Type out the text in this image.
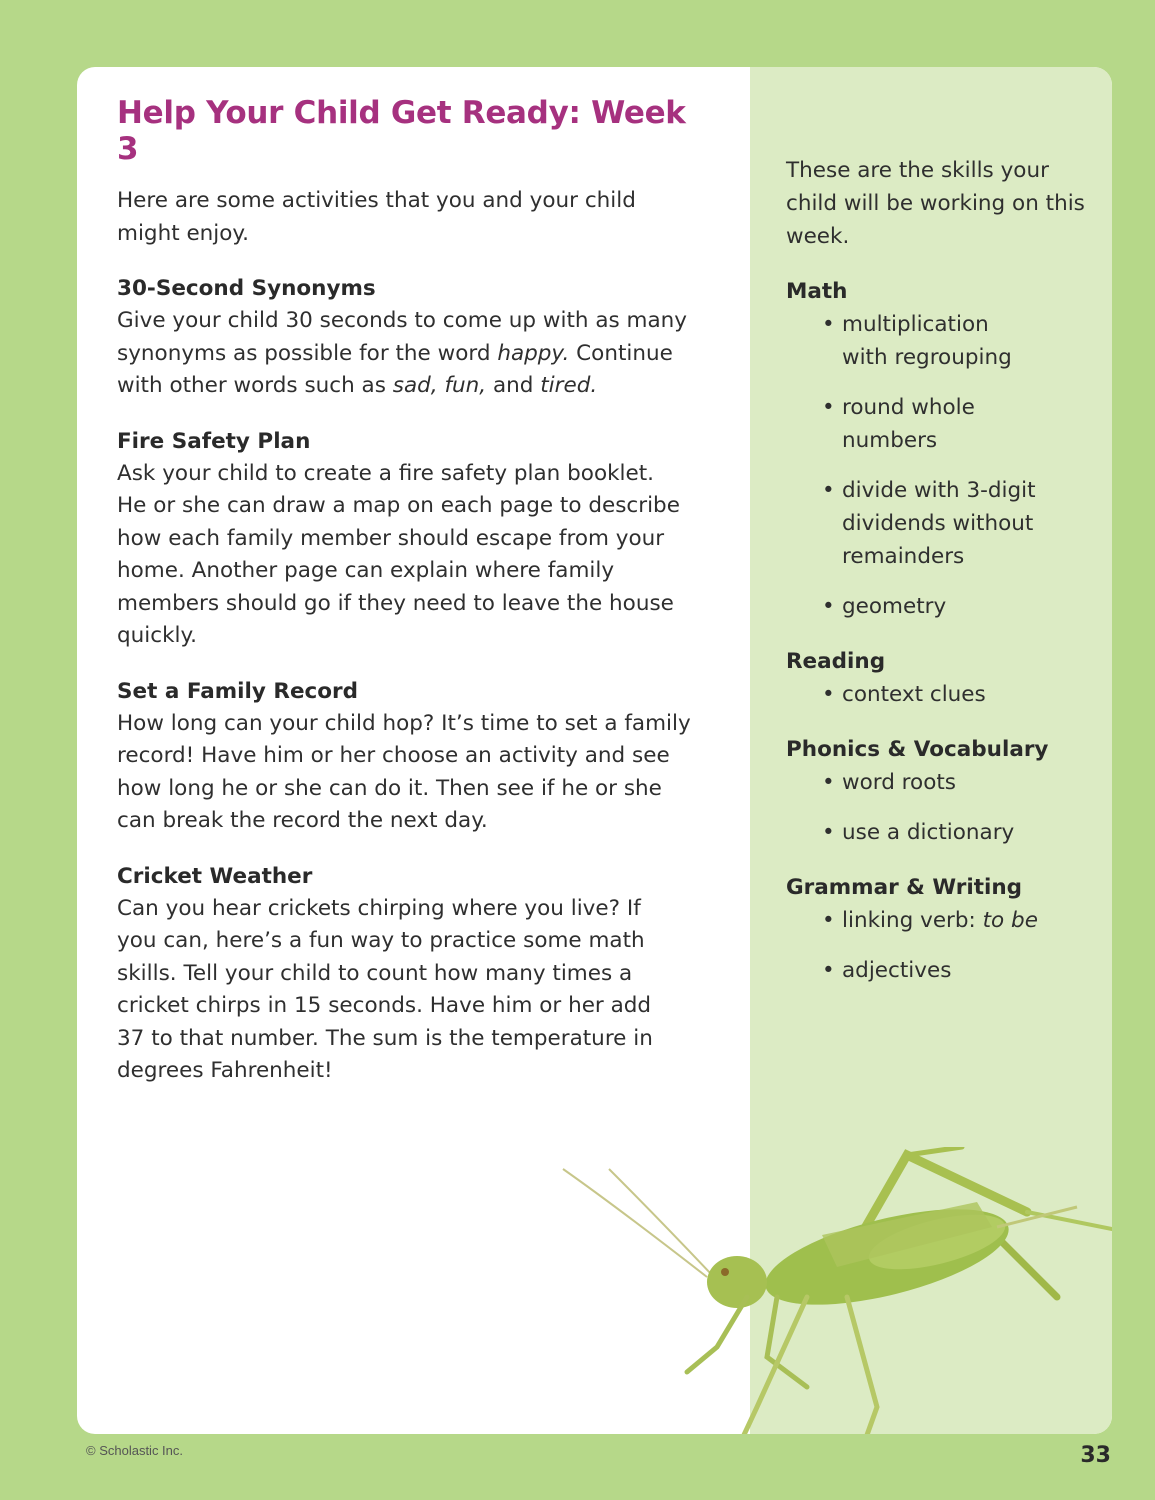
These are the skills your child will be working on this week.

Math
• multiplication with regrouping
• round whole numbers
• divide with 3-digit dividends without remainders
• geometry
Reading
• context clues
Phonics & Vocabulary
• word roots
• use a dictionary
Grammar & Writing
• linking verb: to be
• adjectives
Help Your Child Get Ready: Week 3

Here are some activities that you and your child might enjoy.

30-Second Synonyms

Give your child 30 seconds to come up with as many synonyms as possible for the word happy. Continue with other words such as sad, fun, and tired.

Fire Safety Plan

Ask your child to create a fire safety plan booklet. He or she can draw a map on each page to describe how each family member should escape from your home. Another page can explain where family members should go if they need to leave the house quickly.

Set a Family Record

How long can your child hop? It’s time to set a family record! Have him or her choose an activity and see how long he or she can do it. Then see if he or she can break the record the next day.

Cricket Weather

Can you hear crickets chirping where you live? If you can, here’s a fun way to practice some math skills. Tell your child to count how many times a cricket chirps in 15 seconds. Have him or her add 37 to that number. The sum is the temperature in degrees Fahrenheit!

© Scholastic Inc.	33
